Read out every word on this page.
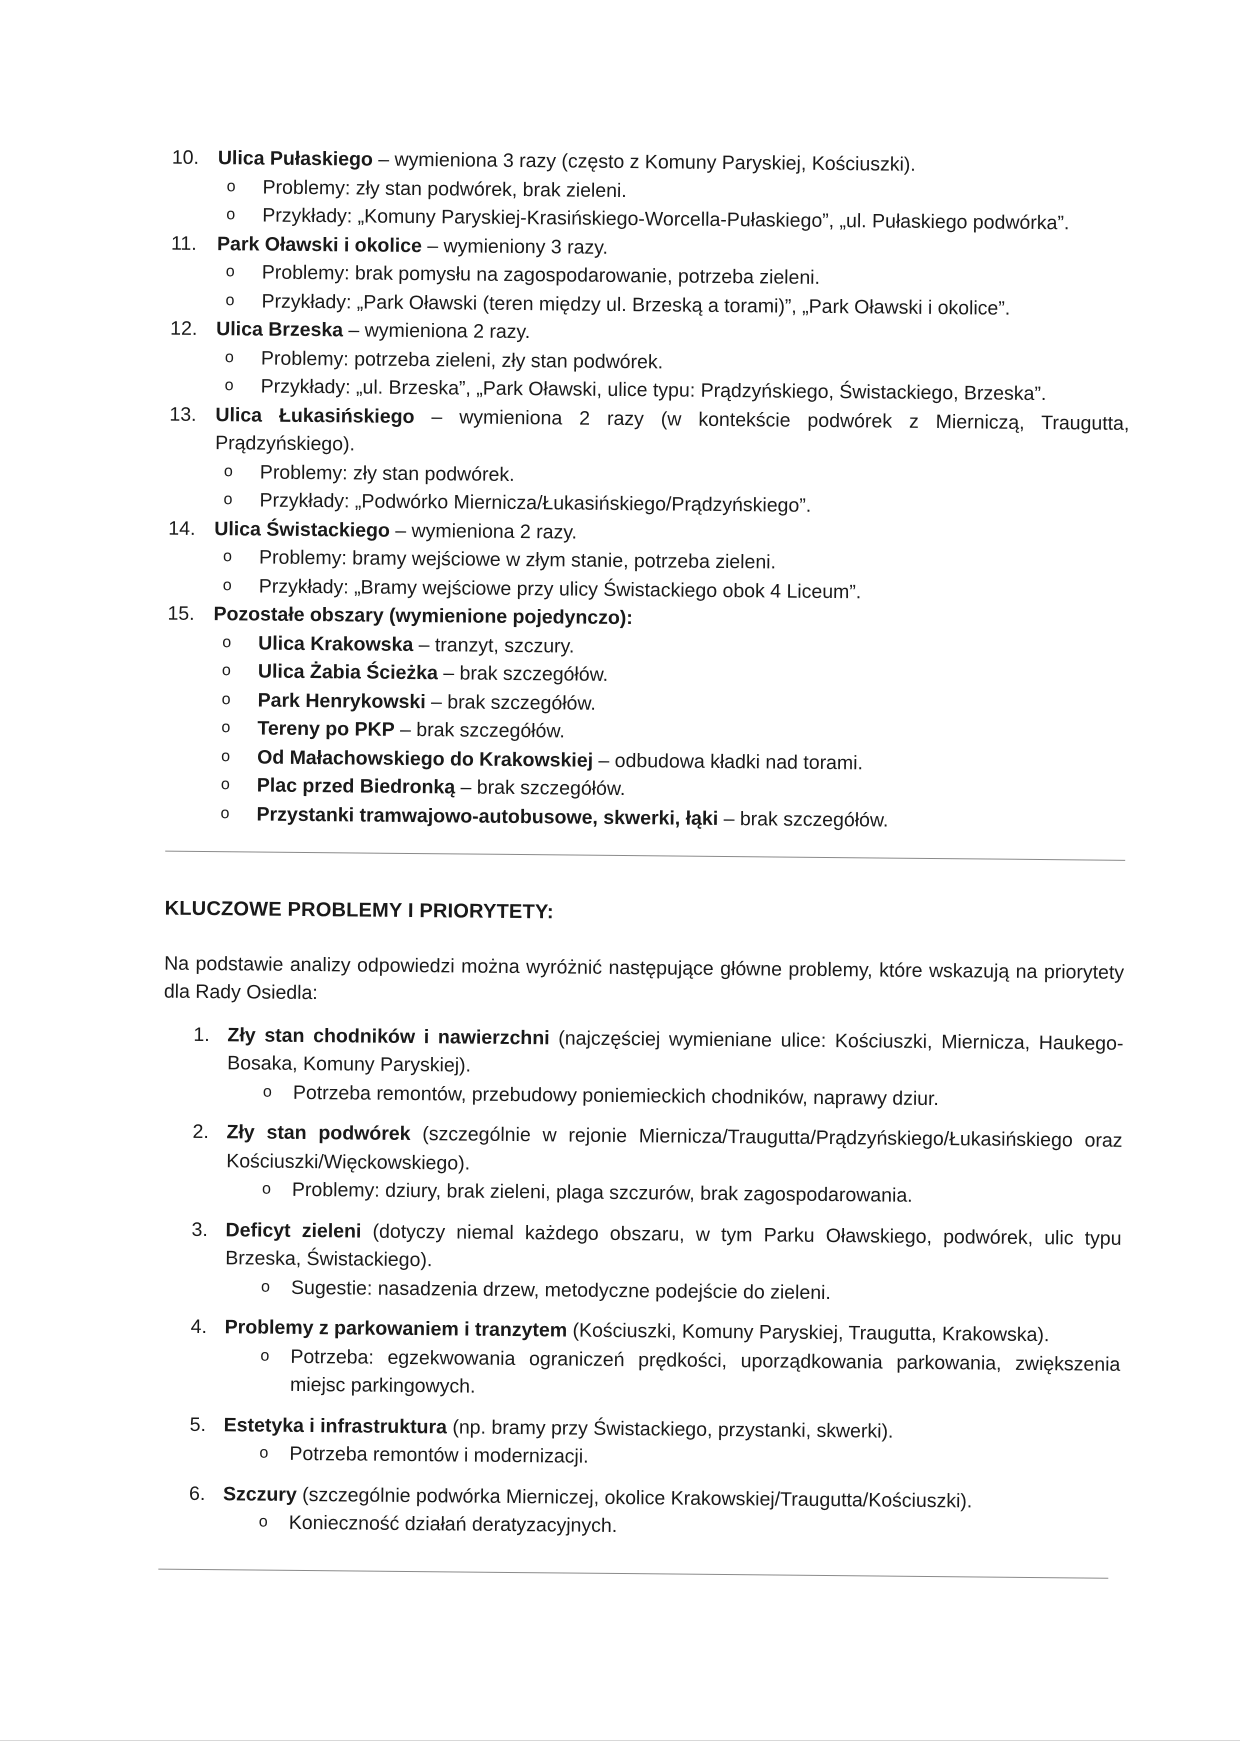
10. Ulica Pułaskiego – wymieniona 3 razy (często z Komuny Paryskiej, Kościuszki).
o Problemy: zły stan podwórek, brak zieleni.
o Przykłady: „Komuny Paryskiej-Krasińskiego-Worcella-Pułaskiego”, „ul. Pułaskiego podwórka”.
11.	Park Oławski i okolice – wymieniony 3 razy.
o Problemy: brak pomysłu na zagospodarowanie, potrzeba zieleni.
o Przykłady: „Park Oławski (teren między ul. Brzeską a torami)”, „Park Oławski i okolice”.
12. Ulica Brzeska – wymieniona 2 razy.
o Problemy: potrzeba zieleni, zły stan podwórek.
o Przykłady: „ul. Brzeska”, „Park Oławski, ulice typu: Prądzyńskiego, Świstackiego, Brzeska”.
13. Ulica Łukasińskiego – wymieniona 2 razy (w kontekście podwórek z Mierniczą, Traugutta, Prądzyńskiego).
o Problemy: zły stan podwórek.
o Przykłady: „Podwórko Miernicza/Łukasińskiego/Prądzyńskiego”.
14. Ulica Świstackiego – wymieniona 2 razy.
o Problemy: bramy wejściowe w złym stanie, potrzeba zieleni.
o Przykłady: „Bramy wejściowe przy ulicy Świstackiego obok 4 Liceum”.
15. Pozostałe obszary (wymienione pojedynczo):
o Ulica Krakowska – tranzyt, szczury.
o Ulica Żabia Ścieżka – brak szczegółów.
o Park Henrykowski – brak szczegółów.
o Tereny po PKP – brak szczegółów.
o Od Małachowskiego do Krakowskiej – odbudowa kładki nad torami.
o Plac przed Biedronką – brak szczegółów.
o Przystanki tramwajowo-autobusowe, skwerki, łąki – brak szczegółów.
KLUCZOWE PROBLEMY I PRIORYTETY:
Na podstawie analizy odpowiedzi można wyróżnić następujące główne problemy, które wskazują na priorytety dla Rady Osiedla:
1. Zły stan chodników i nawierzchni (najczęściej wymieniane ulice: Kościuszki, Miernicza, Haukego-Bosaka, Komuny Paryskiej).
o Potrzeba remontów, przebudowy poniemieckich chodników, naprawy dziur.
2. Zły stan podwórek (szczególnie w rejonie Miernicza/Traugutta/Prądzyńskiego/Łukasińskiego oraz Kościuszki/Więckowskiego).
o Problemy: dziury, brak zieleni, plaga szczurów, brak zagospodarowania.
3. Deficyt zieleni (dotyczy niemal każdego obszaru, w tym Parku Oławskiego, podwórek, ulic typu Brzeska, Świstackiego).
o Sugestie: nasadzenia drzew, metodyczne podejście do zieleni.
4. Problemy z parkowaniem i tranzytem (Kościuszki, Komuny Paryskiej, Traugutta, Krakowska).
o Potrzeba: egzekwowania ograniczeń prędkości, uporządkowania parkowania, zwiększenia miejsc parkingowych.
5. Estetyka i infrastruktura (np. bramy przy Świstackiego, przystanki, skwerki).
o Potrzeba remontów i modernizacji.
6. Szczury (szczególnie podwórka Mierniczej, okolice Krakowskiej/Traugutta/Kościuszki).
o Konieczność działań deratyzacyjnych.
